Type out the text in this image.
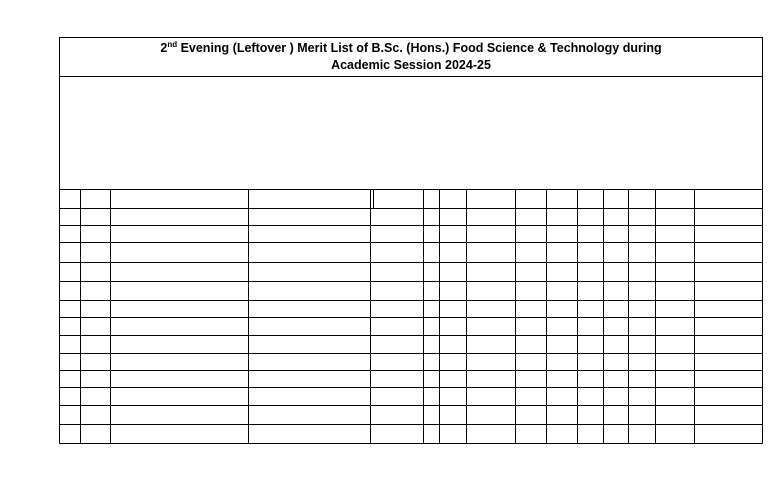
2nd Evening (Leftover ) Merit List of B.Sc. (Hons.) Food Science & Technology during
Academic Session 2024-25
